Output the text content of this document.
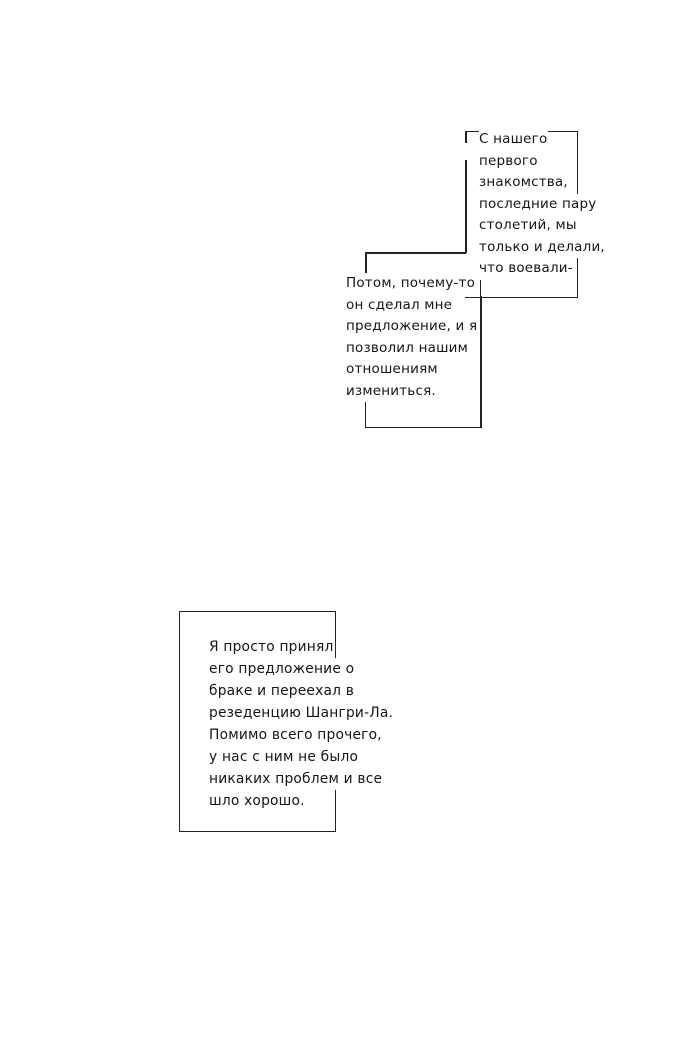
С нашего
первого
знакомства,
последние пару
столетий, мы
только и делали,
что воевали-
Потом, почему-то
он сделал мне
предложение, и я
позволил нашим
отношениям
измениться.
Я просто принял
его предложение о
браке и переехал в
резеденцию Шангри-Ла.
Помимо всего прочего,
у нас с ним не было
никаких проблем и все
шло хорошо.
